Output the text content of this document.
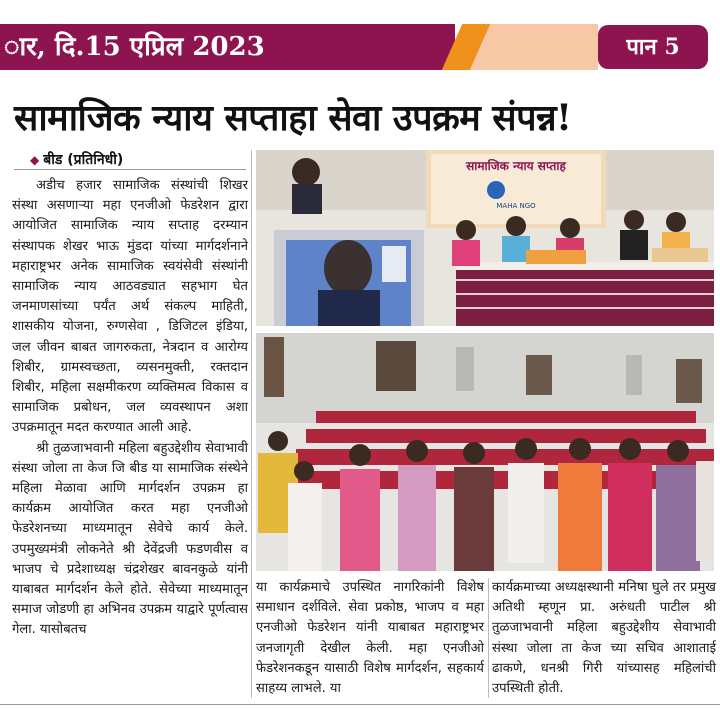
ार, दि.15 एप्रिल 2023	पान 5
सामाजिक न्याय सप्ताहा सेवा उपक्रम संपन्न!
◆ बीड (प्रतिनिधी)

अडीच हजार सामाजिक संस्थांची शिखर संस्था असणाऱ्या महा एनजीओ फेडरेशन द्वारा आयोजित सामाजिक न्याय सप्ताह दरम्यान संस्थापक शेखर भाऊ मुंडदा यांच्या मार्गदर्शनाने महाराष्ट्रभर अनेक सामाजिक स्वयंसेवी संस्थांनी सामाजिक न्याय आठवड्यात सहभाग घेत जनमाणसांच्या पर्यंत अर्थ संकल्प माहिती, शासकीय योजना, रुग्णसेवा , डिजिटल इंडिया, जल जीवन बाबत जागरुकता, नेत्रदान व आरोग्य शिबीर, ग्रामस्वच्छता, व्यसनमुक्ती, रक्तदान शिबीर, महिला सक्षमीकरण व्यक्तिमत्व विकास व सामाजिक प्रबोधन, जल व्यवस्थापन अशा उपक्रमातून मदत करण्यात आली आहे.

श्री तुळजाभवानी महिला बहुउद्देशीय सेवाभावी संस्था जोला ता केज जि बीड या सामाजिक संस्थेने महिला मेळावा आणि मार्गदर्शन उपक्रम हा कार्यक्रम आयोजित करत महा एनजीओ फेडरेशनच्या माध्यमातून सेवेचे कार्य केले. उपमुख्यमंत्री लोकनेते श्री देवेंद्रजी फडणवीस व भाजप चे प्रदेशाध्यक्ष चंद्रशेखर बावनकुळे यांनी याबाबत मार्गदर्शन केले होते. सेवेच्या माध्यमातून समाज जोडणी हा अभिनव उपक्रम याद्वारे पूर्णत्वास गेला. यासोबतच

सामाजिक न्याय सप्ताह
MAHA NGO

या कार्यक्रमाचे उपस्थित नागरिकांनी विशेष समाधान दर्शविले. सेवा प्रकोष्ठ, भाजप व महा एनजीओ फेडरेशन यांनी याबाबत महाराष्ट्रभर जनजागृती देखील केली. महा एनजीओ फेडरेशनकडून यासाठी विशेष मार्गदर्शन, सहकार्य साहय्य लाभले. या

कार्यक्रमाच्या अध्यक्षस्थानी मनिषा घुले तर प्रमुख अतिथी म्हणून प्रा. अरुंधती पाटील श्री तुळजाभवानी महिला बहुउद्देशीय सेवाभावी संस्था जोला ता केज च्या सचिव आशाताई ढाकणे, धनश्री गिरी यांच्यासह महिलांची उपस्थिती होती.
